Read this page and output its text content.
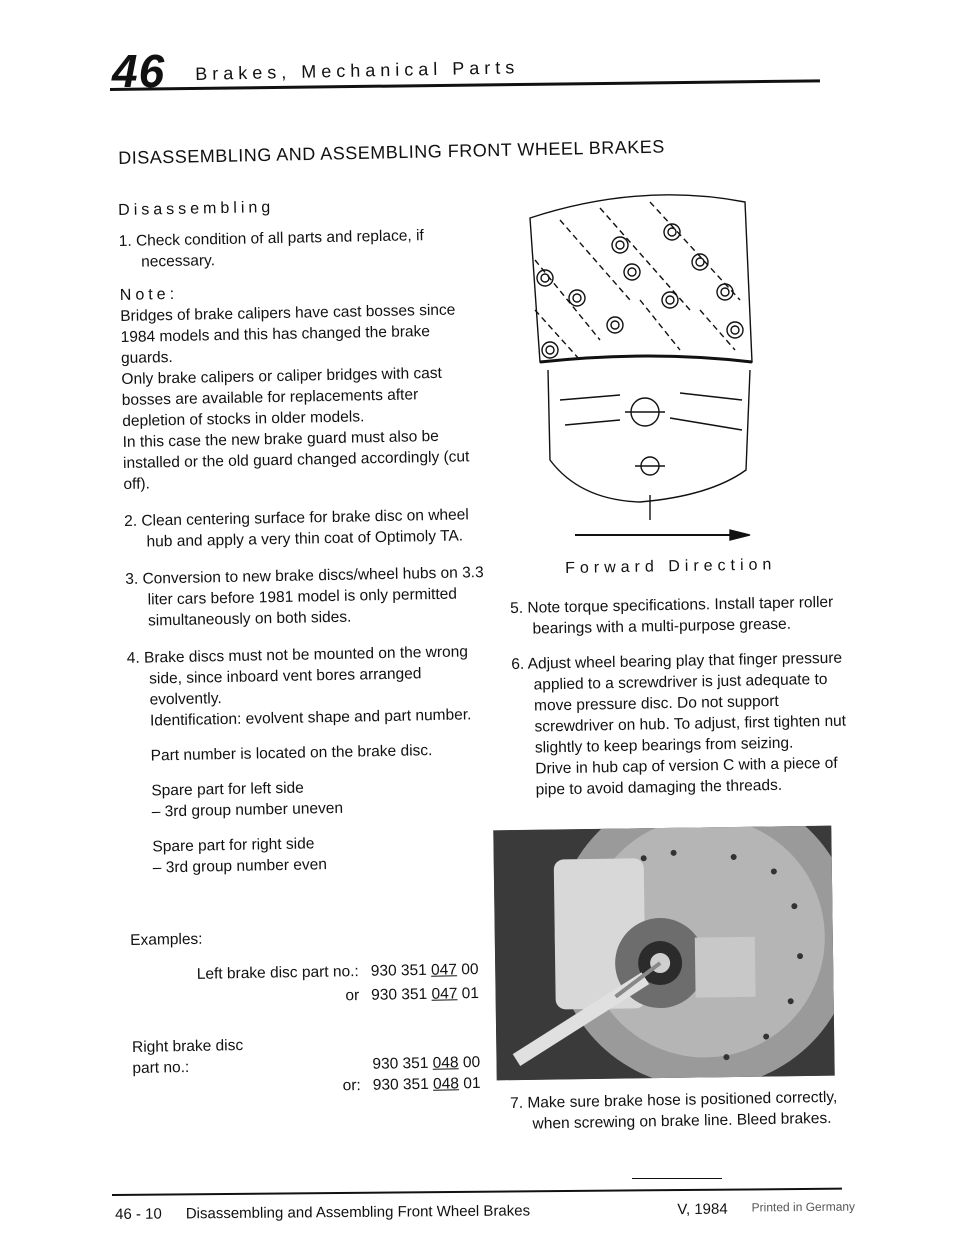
46 Brakes, Mechanical Parts
DISASSEMBLING AND ASSEMBLING FRONT WHEEL BRAKES

Disassembling

1. Check condition of all parts and replace, if necessary.

Note:

Bridges of brake calipers have cast bosses since 1984 models and this has changed the brake guards.

Only brake calipers or caliper bridges with cast bosses are available for replacements after depletion of stocks in older models.

In this case the new brake guard must also be installed or the old guard changed accordingly (cut off).

2. Clean centering surface for brake disc on wheel hub and apply a very thin coat of Optimoly TA.

3. Conversion to new brake discs/wheel hubs on 3.3 liter cars before 1981 model is only permitted simultaneously on both sides.

4. Brake discs must not be mounted on the wrong side, since inboard vent bores arranged evolvently.

Identification: evolvent shape and part number.

Part number is located on the brake disc.

Spare part for left side

– 3rd group number uneven

Spare part for right side

– 3rd group number even

Examples:
Left brake disc part no.: 930 351 047 00
or 930 351 047 01
Right brake disc part no.:	930 351 048 00
or: 930 351 048 01
Forward Direction

5. Note torque specifications. Install taper roller bearings with a multi-purpose grease.

6. Adjust wheel bearing play that finger pressure applied to a screwdriver is just adequate to move pressure disc. Do not support screwdriver on hub. To adjust, first tighten nut slightly to keep bearings from seizing.

Drive in hub cap of version C with a piece of pipe to avoid damaging the threads.

7. Make sure brake hose is positioned correctly, when screwing on brake line. Bleed brakes.

46 - 10 Disassembling and Assembling Front Wheel Brakes	V, 1984 Printed in Germany
